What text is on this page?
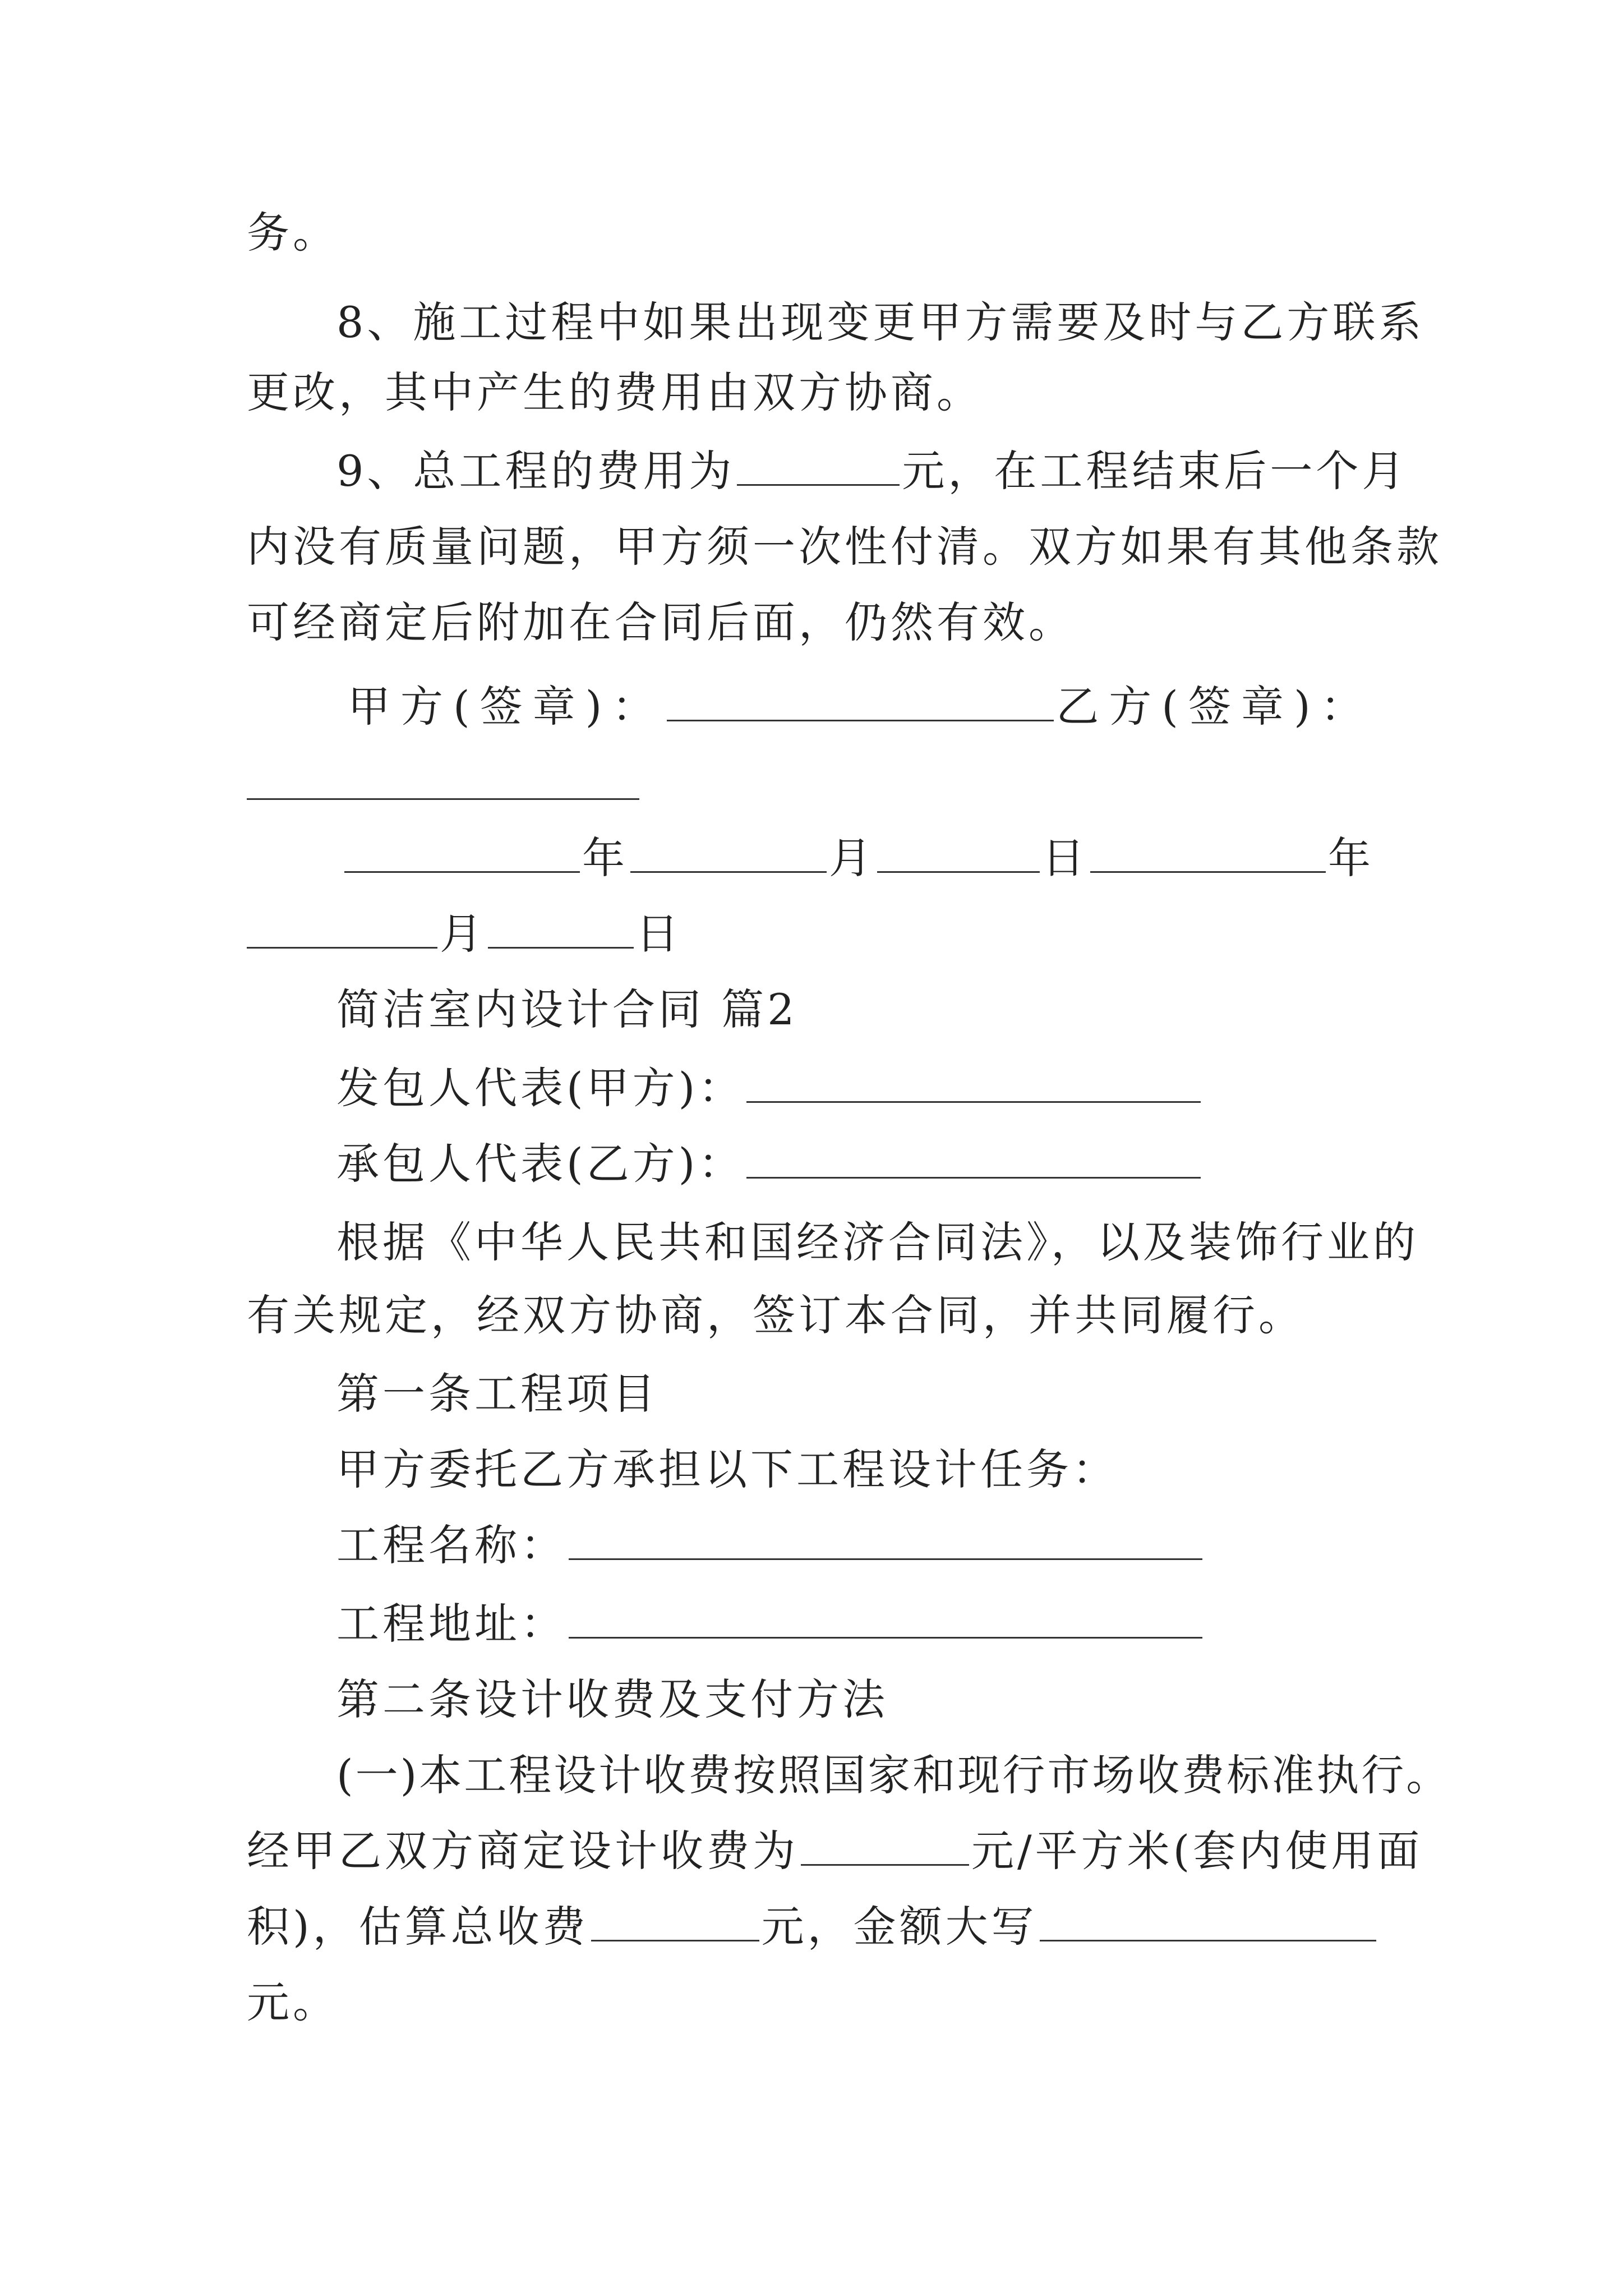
务。
8、施工过程中如果出现变更甲方需要及时与乙方联系
更改，其中产生的费用由双方协商。
9、总工程的费用为	元，在工程结束后一个月
内没有质量问题，甲方须一次性付清。双方如果有其他条款
可经商定后附加在合同后面，仍然有效。
甲方(签章)：	乙方(签章)：
年	月	日	年
月	日
简洁室内设计合同 篇2
发包人代表(甲方)：
承包人代表(乙方)：
根据《中华人民共和国经济合同法》，以及装饰行业的
有关规定，经双方协商，签订本合同，并共同履行。
第一条工程项目
甲方委托乙方承担以下工程设计任务：
工程名称：
工程地址：
第二条设计收费及支付方法
(一)本工程设计收费按照国家和现行市场收费标准执行。
经甲乙双方商定设计收费为	元/平方米(套内使用面
积)，估算总收费	元，金额大写
元。
